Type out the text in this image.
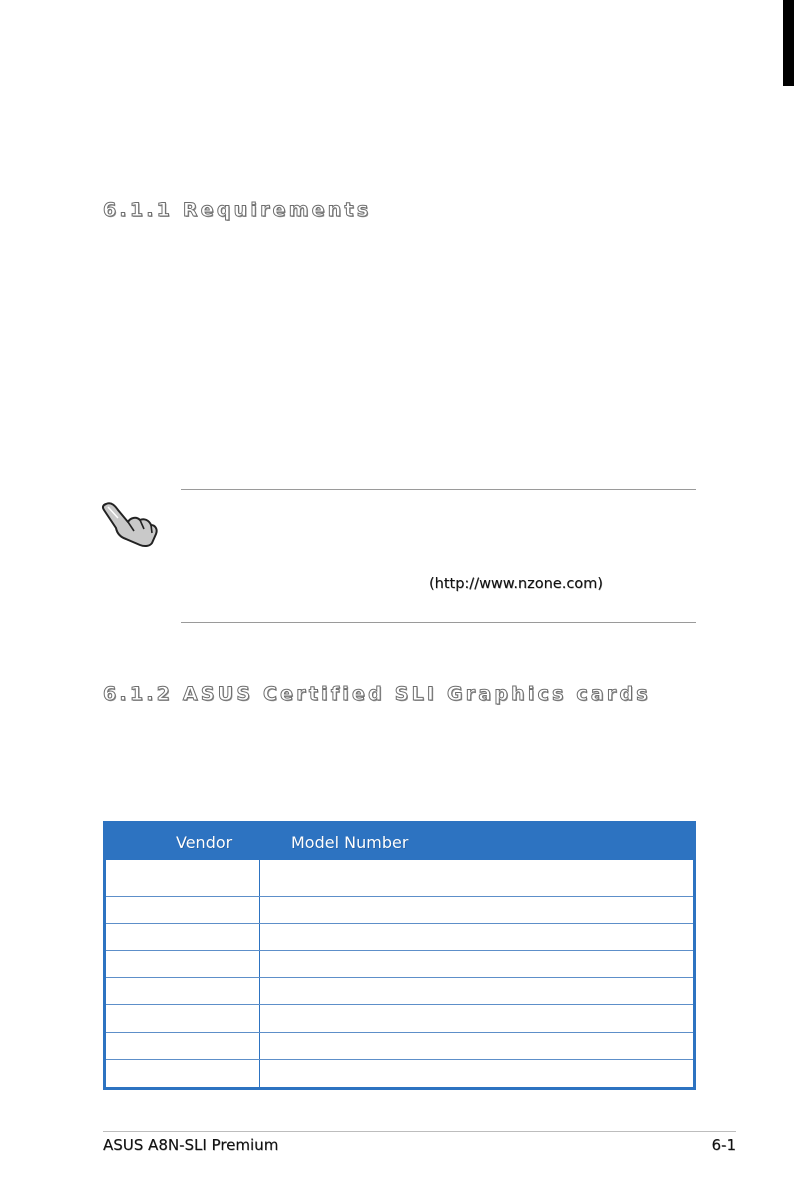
6.1.1 Requirements
(http://www.nzone.com)
6.1.2 ASUS Certified SLI Graphics cards
Vendor	Model Number
ASUS A8N-SLI Premium	6-1
